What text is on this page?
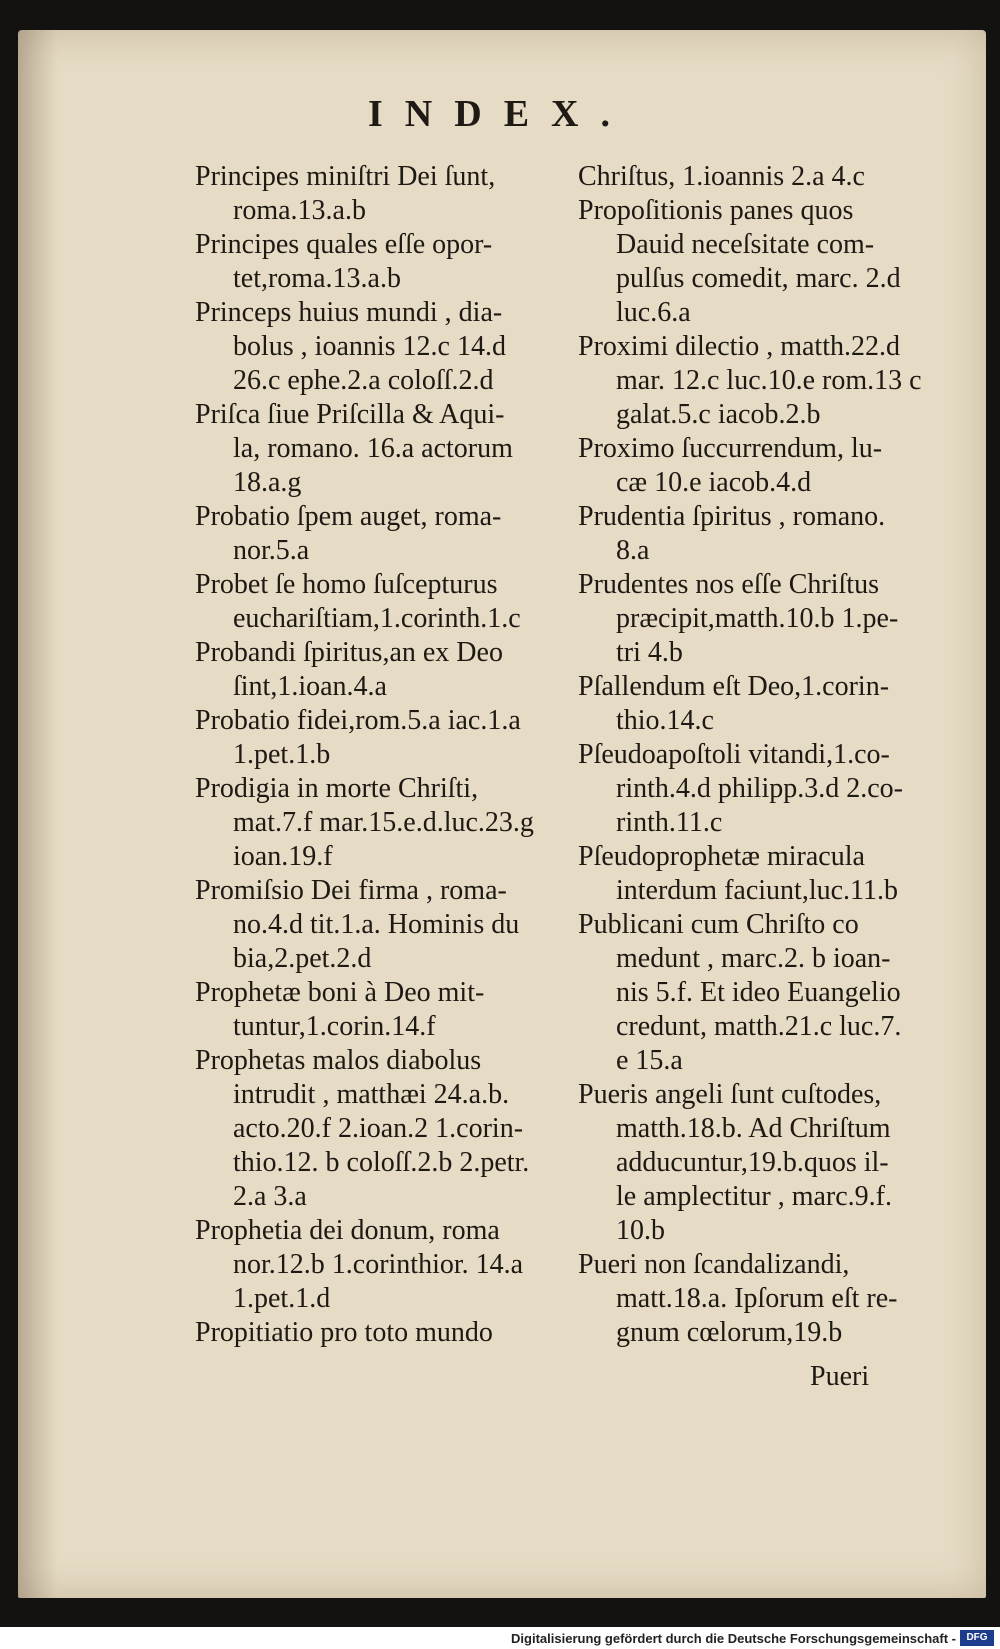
INDEX.
Principes miniſtri Dei ſunt,
roma.13.a.b
Principes quales eſſe opor-
tet,roma.13.a.b
Princeps huius mundi , dia-
bolus , ioannis 12.c 14.d
26.c ephe.2.a coloſſ.2.d
Priſca ſiue Priſcilla & Aqui-
la, romano. 16.a actorum
18.a.g
Probatio ſpem auget, roma-
nor.5.a
Probet ſe homo ſuſcepturus
euchariſtiam,1.corinth.1.c
Probandi ſpiritus,an ex Deo
ſint,1.ioan.4.a
Probatio fidei,rom.5.a iac.1.a
1.pet.1.b
Prodigia in morte Chriſti,
mat.7.f mar.15.e.d.luc.23.g
ioan.19.f
Promiſsio Dei firma , roma-
no.4.d tit.1.a. Hominis du
bia,2.pet.2.d
Prophetæ boni à Deo mit-
tuntur,1.corin.14.f
Prophetas malos diabolus
intrudit , matthæi 24.a.b.
acto.20.f 2.ioan.2 1.corin-
thio.12. b coloſſ.2.b 2.petr.
2.a 3.a
Prophetia dei donum, roma
nor.12.b 1.corinthior. 14.a
1.pet.1.d
Propitiatio pro toto mundo
Chriſtus, 1.ioannis 2.a 4.c
Propoſitionis panes quos
Dauid neceſsitate com-
pulſus comedit, marc. 2.d
luc.6.a
Proximi dilectio , matth.22.d
mar. 12.c luc.10.e rom.13 c
galat.5.c iacob.2.b
Proximo ſuccurrendum, lu-
cæ 10.e iacob.4.d
Prudentia ſpiritus , romano.
8.a
Prudentes nos eſſe Chriſtus
præcipit,matth.10.b 1.pe-
tri 4.b
Pſallendum eſt Deo,1.corin-
thio.14.c
Pſeudoapoſtoli vitandi,1.co-
rinth.4.d philipp.3.d 2.co-
rinth.11.c
Pſeudoprophetæ miracula
interdum faciunt,luc.11.b
Publicani cum Chriſto co
medunt , marc.2. b ioan-
nis 5.f. Et ideo Euangelio
credunt, matth.21.c luc.7.
e 15.a
Pueris angeli ſunt cuſtodes,
matth.18.b. Ad Chriſtum
adducuntur,19.b.quos il-
le amplectitur , marc.9.f.
10.b
Pueri non ſcandalizandi,
matt.18.a. Ipſorum eſt re-
gnum cœlorum,19.b
Pueri
Digitalisierung gefördert durch die Deutsche Forschungsgemeinschaft -	DFG
